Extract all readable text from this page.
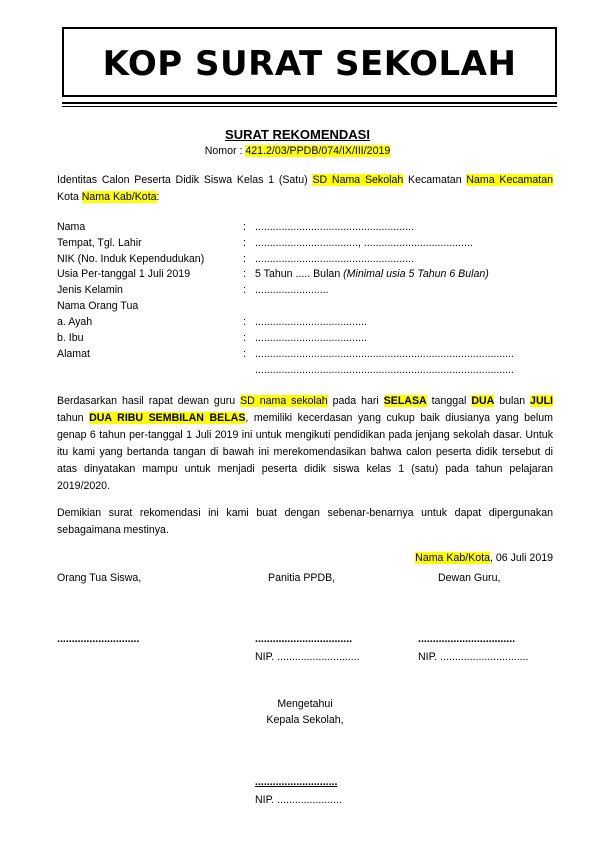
KOP SURAT SEKOLAH
SURAT REKOMENDASI
Nomor : 421.2/03/PPDB/074/IX/III/2019
Identitas Calon Peserta Didik Siswa Kelas 1 (Satu) SD Nama Sekolah Kecamatan Nama Kecamatan Kota Nama Kab/Kota:
Nama	: ......................................................
Tempat, Tgl. Lahir	: ..................................., .....................................
NIK (No. Induk Kependudukan)	: ......................................................
Usia Per-tanggal 1 Juli 2019	: 5 Tahun ..... Bulan (Minimal usia 5 Tahun 6 Bulan)
Jenis Kelamin	: .........................
Nama Orang Tua
a. Ayah	: ......................................
b. Ibu	: ......................................
Alamat	: ........................................................................................
........................................................................................

Berdasarkan hasil rapat dewan guru SD nama sekolah pada hari SELASA tanggal DUA bulan JULI tahun DUA RIBU SEMBILAN BELAS, memiliki kecerdasan yang cukup baik diusianya yang belum genap 6 tahun per-tanggal 1 Juli 2019 ini untuk mengikuti pendidikan pada jenjang sekolah dasar. Untuk itu kami yang bertanda tangan di bawah ini merekomendasikan bahwa calon peserta didik tersebut di atas dinyatakan mampu untuk menjadi peserta didik siswa kelas 1 (satu) pada tahun pelajaran 2019/2020.

Demikian surat rekomendasi ini kami buat dengan sebenar-benarnya untuk dapat dipergunakan sebagaimana mestinya.

Nama Kab/Kota, 06 Juli 2019
Orang Tua Siswa,	Panitia PPDB,	Dewan Guru,
............................	.................................	.................................
NIP. ............................	NIP. ..............................
Mengetahui
Kepala Sekolah,
............................
NIP. ......................
